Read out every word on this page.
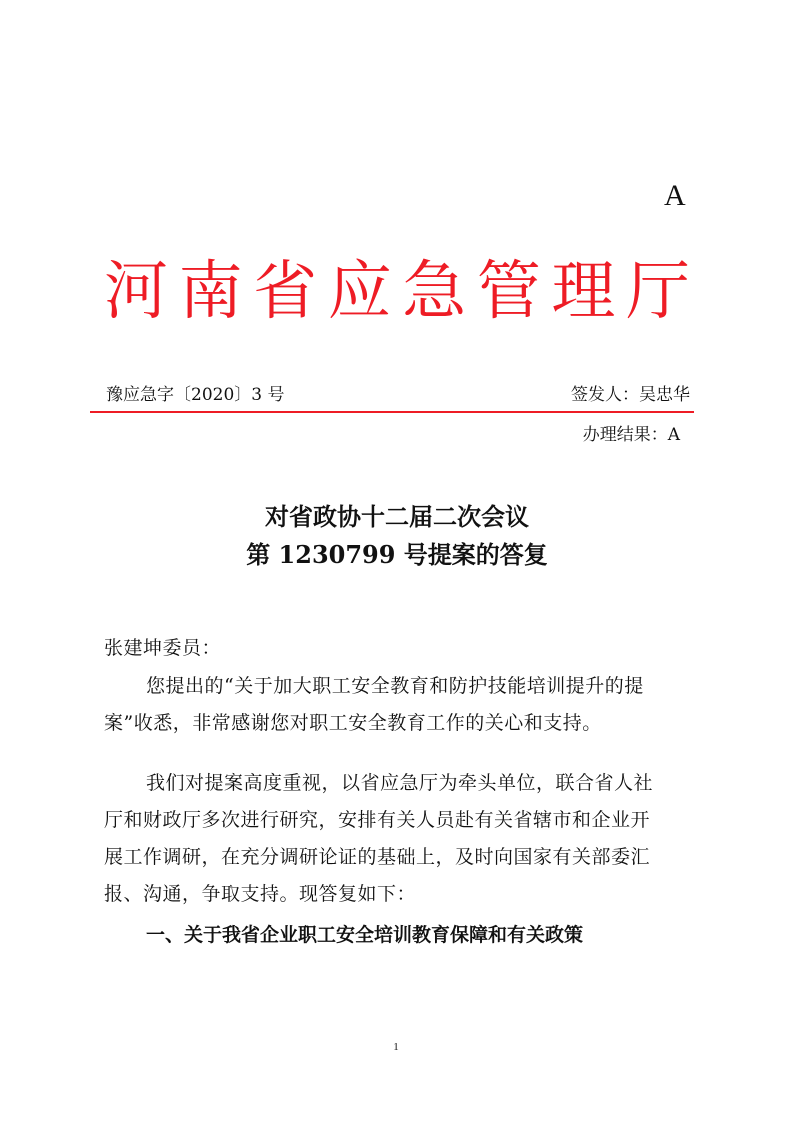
A
河南省应急管理厅
豫应急字〔2020〕3 号	签发人：吴忠华
办理结果：A
对省政协十二届二次会议
第 1230799 号提案的答复
张建坤委员：
您提出的“关于加大职工安全教育和防护技能培训提升的提
案”收悉，非常感谢您对职工安全教育工作的关心和支持。
我们对提案高度重视，以省应急厅为牵头单位，联合省人社
厅和财政厅多次进行研究，安排有关人员赴有关省辖市和企业开
展工作调研，在充分调研论证的基础上，及时向国家有关部委汇
报、沟通，争取支持。现答复如下：
一、关于我省企业职工安全培训教育保障和有关政策
1
